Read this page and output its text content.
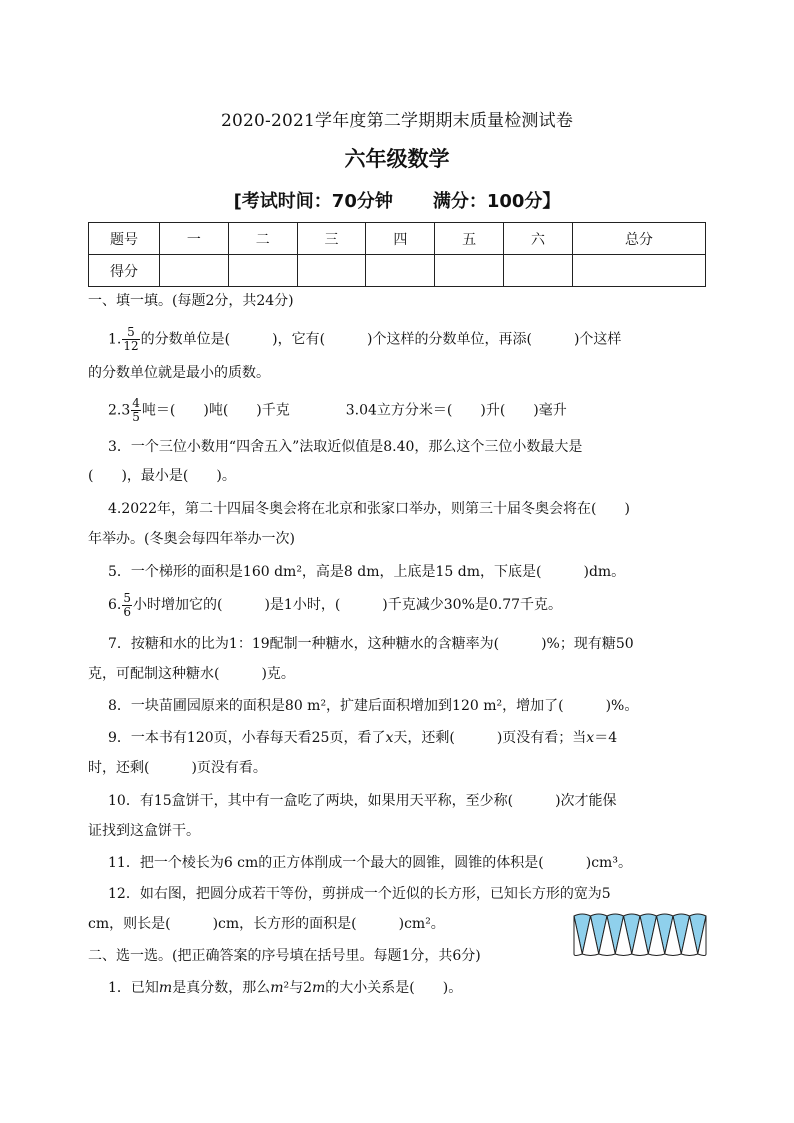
2020-2021学年度第二学期期末质量检测试卷
六年级数学
[考试时间：70分钟 满分：100分】
题号	一	二	三	四	五	六	总分
得分							
一、填一填。(每题2分，共24分)
1. $\frac{5}{12}$ 的分数单位是(　　　)，它有(　　　)个这样的分数单位，再添(　　　)个这样
的分数单位就是最小的质数。
$2.3 \frac{4}{5}$ 吨＝(　　)吨(　　)千克　　　　3.04立方分米＝(　　)升(　　)毫升
3．一个三位小数用“四舍五入”法取近似值是8.40，那么这个三位小数最大是
(　　)，最小是(　　)。
4.2022年，第二十四届冬奥会将在北京和张家口举办，则第三十届冬奥会将在(　　)
年举办。(冬奥会每四年举办一次)
5．一个梯形的面积是160 dm²，高是8 dm，上底是15 dm，下底是(　　　)dm。
6. $\frac{5}{6}$ 小时增加它的(　　　)是1小时，(　　　)千克减少30%是0.77千克。
7．按糖和水的比为1：19配制一种糖水，这种糖水的含糖率为(　　　)%；现有糖50
克，可配制这种糖水(　　　)克。
8．一块苗圃园原来的面积是80 m²，扩建后面积增加到120 m²，增加了(　　　)%。
9．一本书有120页，小春每天看25页，看了x天，还剩(　　　)页没有看；当x＝4
时，还剩(　　　)页没有看。
10．有15盒饼干，其中有一盒吃了两块，如果用天平称，至少称(　　　)次才能保
证找到这盒饼干。
11．把一个棱长为6 cm的正方体削成一个最大的圆锥，圆锥的体积是(　　　)cm³。
12．如右图，把圆分成若干等份，剪拼成一个近似的长方形，已知长方形的宽为5
cm，则长是(　　　)cm，长方形的面积是(　　　)cm²。
二、选一选。(把正确答案的序号填在括号里。每题1分，共6分)
1．已知m是真分数，那么m²与2m的大小关系是(　　)。
